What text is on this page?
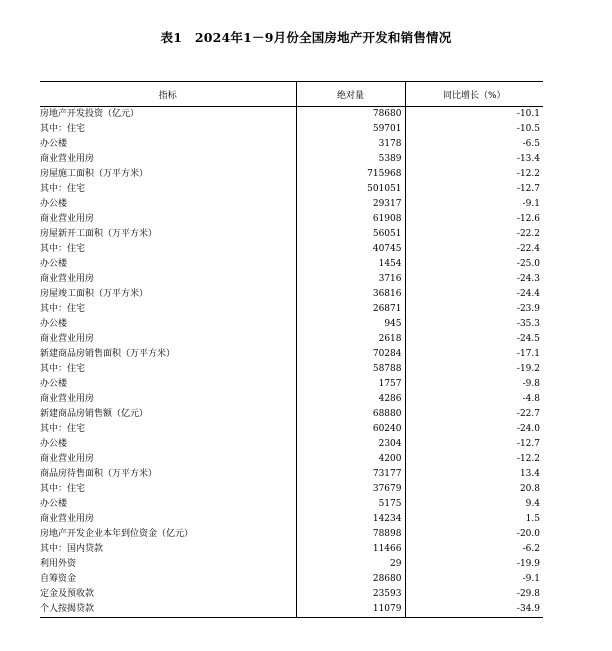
表1　2024年1－9月份全国房地产开发和销售情况
指标	绝对量	同比增长（%）
房地产开发投资（亿元）	78680	-10.1
其中：住宅	59701	-10.5
办公楼	3178	-6.5
商业营业用房	5389	-13.4
房屋施工面积（万平方米）	715968	-12.2
其中：住宅	501051	-12.7
办公楼	29317	-9.1
商业营业用房	61908	-12.6
房屋新开工面积（万平方米）	56051	-22.2
其中：住宅	40745	-22.4
办公楼	1454	-25.0
商业营业用房	3716	-24.3
房屋竣工面积（万平方米）	36816	-24.4
其中：住宅	26871	-23.9
办公楼	945	-35.3
商业营业用房	2618	-24.5
新建商品房销售面积（万平方米）	70284	-17.1
其中：住宅	58788	-19.2
办公楼	1757	-9.8
商业营业用房	4286	-4.8
新建商品房销售额（亿元）	68880	-22.7
其中：住宅	60240	-24.0
办公楼	2304	-12.7
商业营业用房	4200	-12.2
商品房待售面积（万平方米）	73177	13.4
其中：住宅	37679	20.8
办公楼	5175	9.4
商业营业用房	14234	1.5
房地产开发企业本年到位资金（亿元）	78898	-20.0
其中：国内贷款	11466	-6.2
利用外资	29	-19.9
自筹资金	28680	-9.1
定金及预收款	23593	-29.8
个人按揭贷款	11079	-34.9
